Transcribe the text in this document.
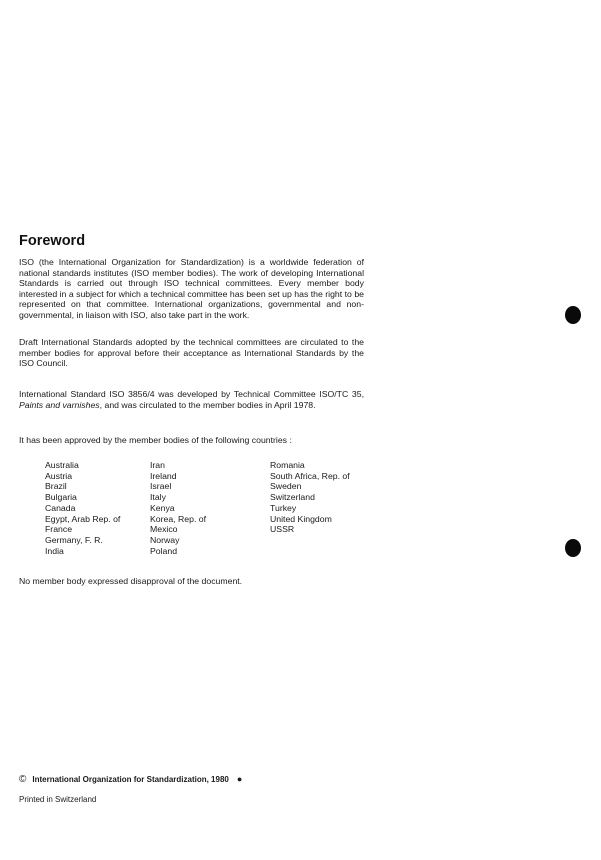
Foreword

ISO (the International Organization for Standardization) is a worldwide federation of national standards institutes (ISO member bodies). The work of developing International Standards is carried out through ISO technical committees. Every member body interested in a subject for which a technical committee has been set up has the right to be represented on that committee. International organizations, governmental and non-governmental, in liaison with ISO, also take part in the work.

Draft International Standards adopted by the technical committees are circulated to the member bodies for approval before their acceptance as International Standards by the ISO Council.

International Standard ISO 3856/4 was developed by Technical Committee ISO/TC 35, Paints and varnishes, and was circulated to the member bodies in April 1978.

It has been approved by the member bodies of the following countries :

Australia
Austria
Brazil
Bulgaria
Canada
Egypt, Arab Rep. of
France
Germany, F. R.
India
Iran
Ireland
Israel
Italy
Kenya
Korea, Rep. of
Mexico
Norway
Poland
Romania
South Africa, Rep. of
Sweden
Switzerland
Turkey
United Kingdom
USSR

No member body expressed disapproval of the document.

© International Organization for Standardization, 1980 ●

Printed in Switzerland
